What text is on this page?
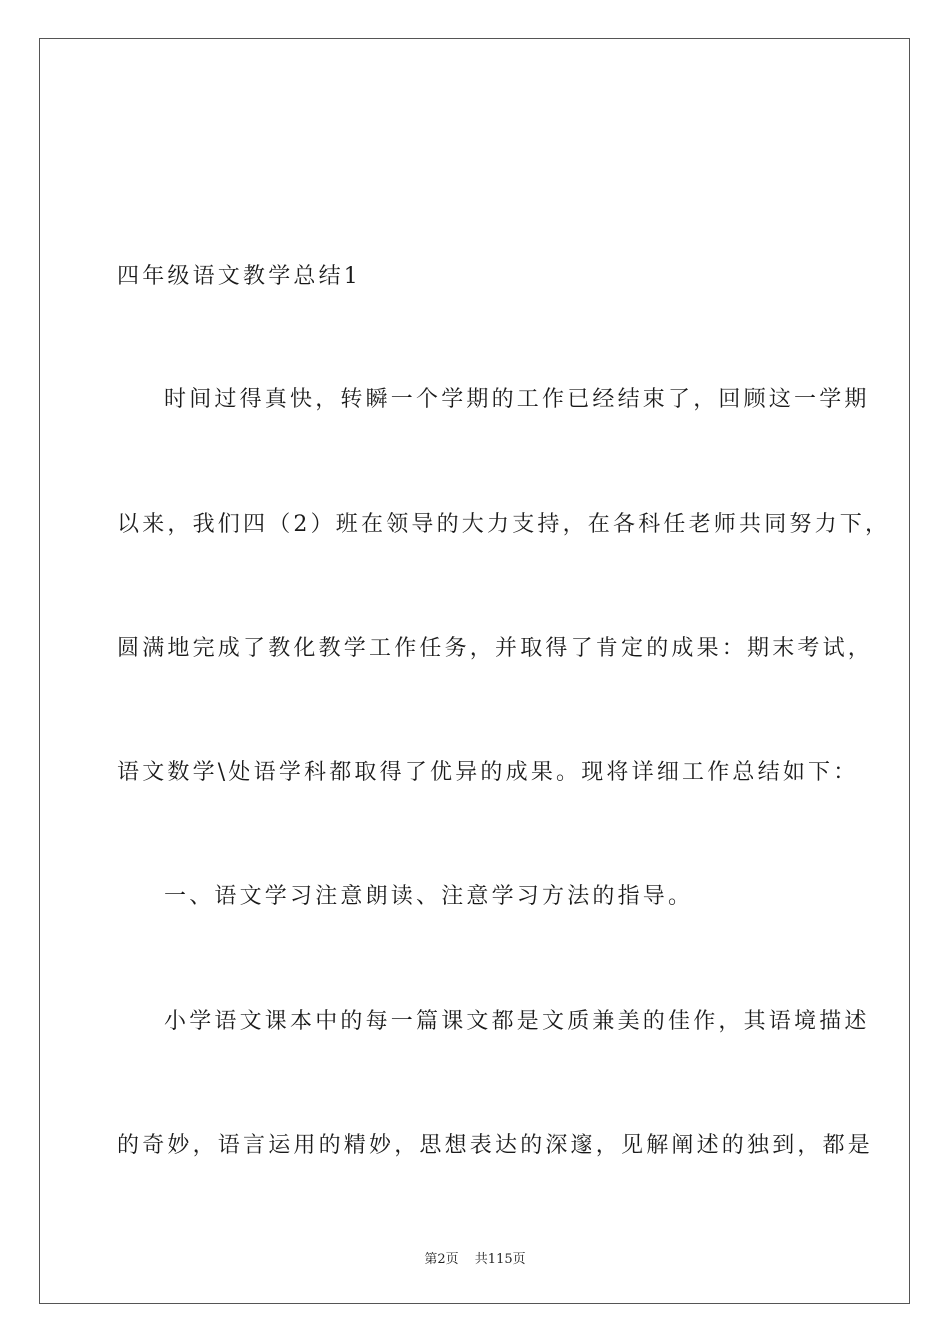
四年级语文教学总结1
时间过得真快，转瞬一个学期的工作已经结束了，回顾这一学期
以来，我们四（2）班在领导的大力支持，在各科任老师共同努力下，
圆满地完成了教化教学工作任务，并取得了肯定的成果：期末考试，
语文数学\处语学科都取得了优异的成果。现将详细工作总结如下：
一、语文学习注意朗读、注意学习方法的指导。
小学语文课本中的每一篇课文都是文质兼美的佳作，其语境描述
的奇妙，语言运用的精妙，思想表达的深邃，见解阐述的独到，都是
第2页 共115页
